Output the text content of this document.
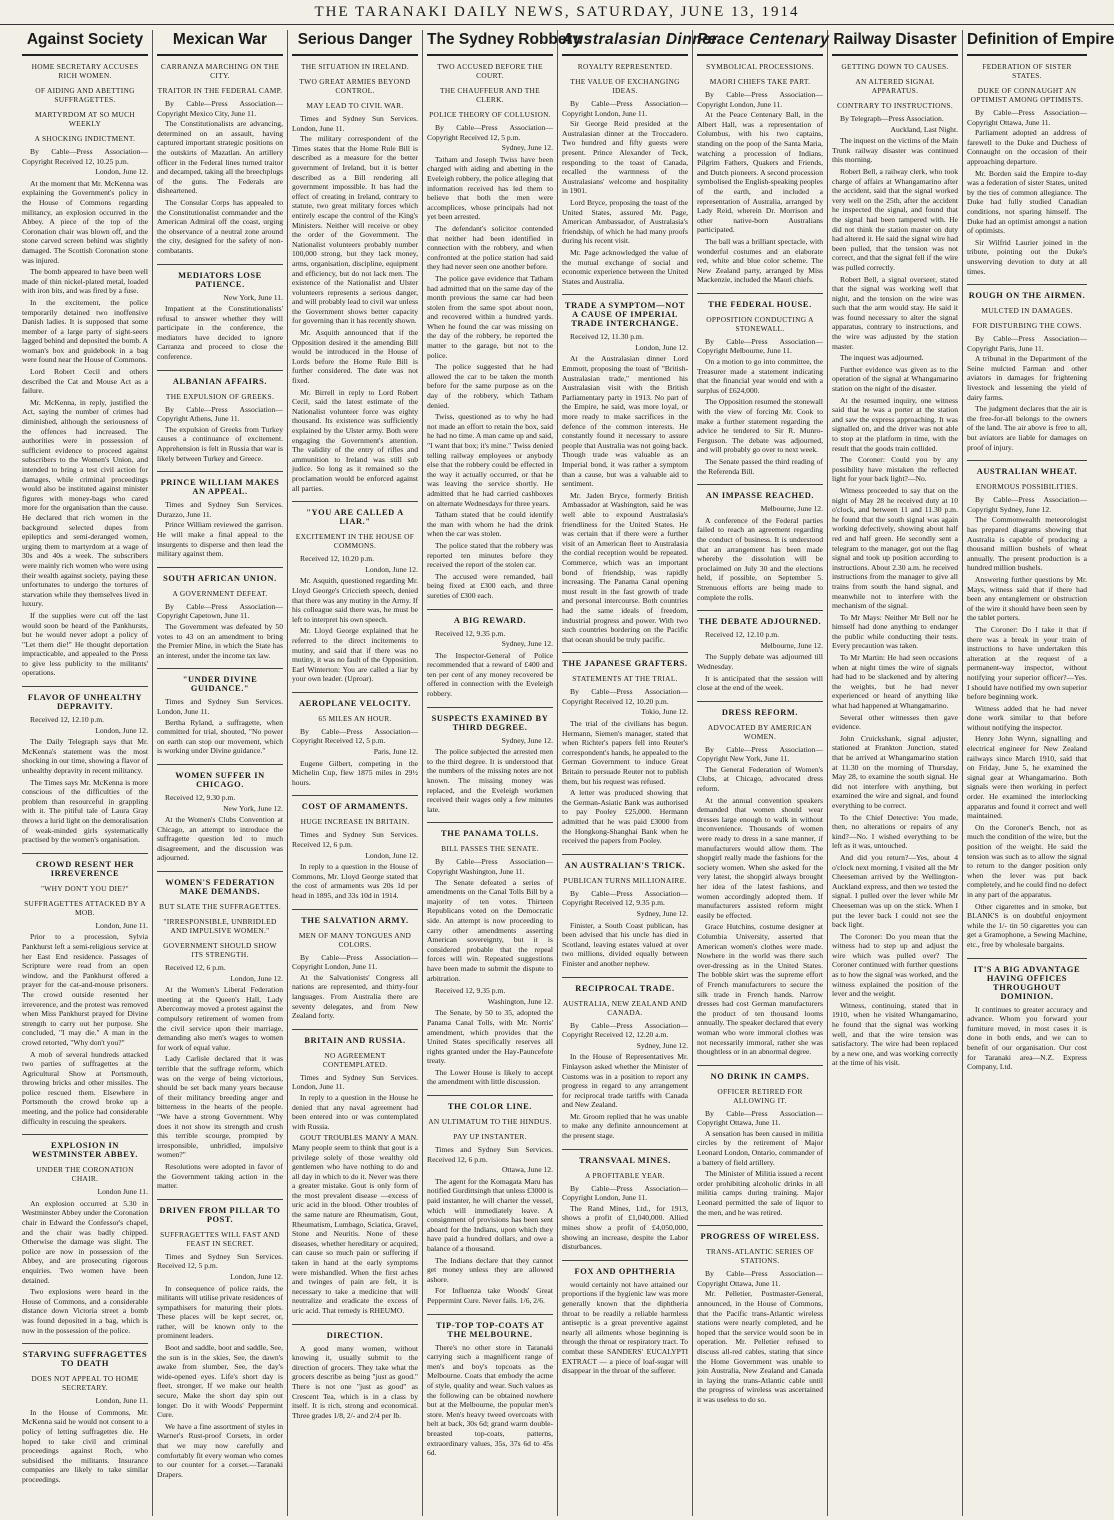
THE TARANAKI DAILY NEWS, SATURDAY, JUNE 13, 1914
Against Society
HOME SECRETARY ACCUSES RICH WOMEN.
OF AIDING AND ABETTING SUFFRAGETTES.
MARTYRDOM AT SO MUCH WEEKLY
A SHOCKING INDICTMENT.
By Cable—Press Association—Copyright Received 12, 10.25 p.m.
London, June 12.
At the moment that Mr. McKenna was explaining the Government's policy in the House of Commons regarding militancy, an explosion occurred in the Abbey. A piece of the top of the Coronation chair was blown off, and the stone carved screen behind was slightly damaged. The Scottish Coronation stone was injured.
The bomb appeared to have been well made of thin nickel-plated metal, loaded with iron bits, and was fired by a fuse.
In the excitement, the police temporarily detained two inoffensive Danish ladies. It is supposed that some member of a large party of sight-seers lagged behind and deposited the bomb. A woman's box and guidebook in a bag were found near the House of Commons.
Lord Robert Cecil and others described the Cat and Mouse Act as a failure.
Mr. McKenna, in reply, justified the Act, saying the number of crimes had diminished, although the seriousness of the offences had increased. The authorities were in possession of sufficient evidence to proceed against subscribers to the Women's Union, and intended to bring a test civil action for damages, while criminal proceedings would also be instituted against minister figures with money-bags who cared more for the organisation than the cause. He declared that rich women in the background selected dupes from epileptics and semi-deranged women, urging them to martyrdom at a wage of 30s and 40s a week. The subscribers were mainly rich women who were using their wealth against society, paying these unfortunates to undergo the tortures of starvation while they themselves lived in luxury.
If the supplies were cut off the last would soon be heard of the Pankhursts, but he would never adopt a policy of "Let them die!" He thought deportation impracticable, and appealed to the Press to give less publicity to the militants' operations.
FLAVOR OF UNHEALTHY DEPRAVITY.
Received 12, 12.10 p.m.
London, June 12.
The Daily Telegraph says that Mr. McKenna's statement was the most shocking in our time, showing a flavor of unhealthy depravity in recent militancy.
The Times says Mr. McKenna is more conscious of the difficulties of the problem than resourceful in grappling with it. The pitiful tale of Laura Gray throws a lurid light on the demoralisation of weak-minded girls systematically practised by the women's organisation.
CROWD RESENT HER IRREVERENCE
"WHY DON'T YOU DIE?"
SUFFRAGETTES ATTACKED BY A MOB.
London, June 11.
Prior to a procession, Sylvia Pankhurst left a semi-religious service at her East End residence. Passages of Scripture were read from an open window, and the Pankhurst offered a prayer for the cat-and-mouse prisoners. The crowd outside resented her irreverence, and the protest was removed when Miss Pankhurst prayed for Divine strength to carry out her purpose. She concluded, "I may die." A man in the crowd retorted, "Why don't you?"
A mob of several hundreds attacked two parties of suffragettes at the Agricultural Show at Portsmouth, throwing bricks and other missiles. The police rescued them. Elsewhere in Portsmouth the crowd broke up a meeting, and the police had considerable difficulty in rescuing the speakers.
EXPLOSION IN WESTMINSTER ABBEY.
UNDER THE CORONATION CHAIR.
London June 11.
An explosion occurred at 5.30 in Westminster Abbey under the Coronation chair in Edward the Confessor's chapel, and the chair was badly chipped. Otherwise the damage was slight. The police are now in possession of the Abbey, and are prosecuting rigorous enquiries. Two women have been detained.
Two explosions were heard in the House of Commons, and a considerable distance down Victoria street a bomb was found deposited in a bag, which is now in the possession of the police.
STARVING SUFFRAGETTES TO DEATH
DOES NOT APPEAL TO HOME SECRETARY.
London, June 11.
In the House of Commons, Mr. McKenna said he would not consent to a policy of letting suffragettes die. He hoped to take civil and criminal proceedings against Roch, who subsidised the militants. Insurance companies are likely to take similar proceedings.
Mexican War
CARRANZA MARCHING ON THE CITY.
TRAITOR IN THE FEDERAL CAMP.
By Cable—Press Association—Copyright Mexico City, June 11.
The Constitutionalists are advancing, determined on an assault, having captured important strategic positions on the outskirts of Mazatlan. An artillery officer in the Federal lines turned traitor and decamped, taking all the breechplugs of the guns. The Federals are disheartened.
The Consular Corps has appealed to the Constitutionalist commander and the American Admiral off the coast, urging the observance of a neutral zone around the city, designed for the safety of non-combatants.
MEDIATORS LOSE PATIENCE.
New York, June 11.
Impatient at the Constitutionalists' refusal to answer whether they will participate in the conference, the mediators have decided to ignore Carranza and proceed to close the conference.
ALBANIAN AFFAIRS.
THE EXPULSION OF GREEKS.
By Cable—Press Association—Copyright Athens, June 11.
The expulsion of Greeks from Turkey causes a continuance of excitement. Apprehension is felt in Russia that war is likely between Turkey and Greece.
PRINCE WILLIAM MAKES AN APPEAL.
Times and Sydney Sun Services. Durazzo, June 11.
Prince William reviewed the garrison. He will make a final appeal to the insurgents to disperse and then lead the military against them.
SOUTH AFRICAN UNION.
A GOVERNMENT DEFEAT.
By Cable—Press Association—Copyright Capetown, June 11.
The Government was defeated by 50 votes to 43 on an amendment to bring the Premier Mine, in which the State has an interest, under the income tax law.
"UNDER DIVINE GUIDANCE."
Times and Sydney Sun Services. London, June 11.
Bertha Ryland, a suffragette, when committed for trial, shouted, "No power on earth can stop our movement, which is working under Divine guidance."
WOMEN SUFFER IN CHICAGO.
Received 12, 9.30 p.m.
New York, June 12.
At the Women's Clubs Convention at Chicago, an attempt to introduce the suffragette question led to much disagreement, and the discussion was adjourned.
WOMEN'S FEDERATION MAKE DEMANDS.
BUT SLATE THE SUFFRAGETTES.
"IRRESPONSIBLE, UNBRIDLED AND IMPULSIVE WOMEN."
GOVERNMENT SHOULD SHOW ITS STRENGTH.
Received 12, 6 p.m.
London, June 12.
At the Women's Liberal Federation meeting at the Queen's Hall, Lady Aberconway moved a protest against the compulsory retirement of women from the civil service upon their marriage, demanding also men's wages to women for work of equal value.
Lady Carlisle declared that it was terrible that the suffrage reform, which was on the verge of being victorious, should be set back many years because of their militancy breeding anger and bitterness in the hearts of the people. "We have a strong Government. Why does it not show its strength and crush this terrible scourge, prompted by irresponsible, unbridled, impulsive women?"
Resolutions were adopted in favor of the Government taking action in the matter.
DRIVEN FROM PILLAR TO POST.
SUFFRAGETTES WILL FAST AND FEAST IN SECRET.
Times and Sydney Sun Services. Received 12, 5 p.m.
London, June 12.
In consequence of police raids, the militants will utilise private residences of sympathisers for maturing their plots. These places will be kept secret, or, rather, will be known only to the prominent leaders.
Boot and saddle, boot and saddle, See, the sun is in the skies, See, the dawn's awake from slumber, See, the day's wide-opened eyes. Life's short day is fleet, stronger, If we make our health secure, Make the short day spin out longer. Do it with Woods' Peppermint Cure.
We have a fine assortment of styles in Warner's Rust-proof Corsets, in order that we may now carefully and comfortably fit every woman who comes to our counter for a corset.—Taranaki Drapers.
Serious Danger
THE SITUATION IN IRELAND.
TWO GREAT ARMIES BEYOND CONTROL.
MAY LEAD TO CIVIL WAR.
Times and Sydney Sun Services. London, June 11.
The military correspondent of the Times states that the Home Rule Bill is described as a measure for the better government of Ireland, but it is better described as a Bill rendering all government impossible. It has had the effect of creating in Ireland, contrary to statute, two great military forces which entirely escape the control of the King's Ministers. Neither will receive or obey the order of the Government. The Nationalist volunteers probably number 100,000 strong, but they lack money, arms, organisation, discipline, equipment and efficiency, but do not lack men. The existence of the Nationalist and Ulster volunteers represents a serious danger, and will probably lead to civil war unless the Government shows better capacity for governing than it has recently shown.
Mr. Asquith announced that if the Opposition desired it the amending Bill would be introduced in the House of Lords before the Home Rule Bill is further considered. The date was not fixed.
Mr. Birrell in reply to Lord Robert Cecil, said the latest estimate of the Nationalist volunteer force was eighty thousand. Its existence was sufficiently explained by the Ulster army. Both were engaging the Government's attention. The validity of the entry of rifles and ammunition to Ireland was still sub judice. So long as it remained so the proclamation would be enforced against all parties.
"YOU ARE CALLED A LIAR."
EXCITEMENT IN THE HOUSE OF COMMONS.
Received 12, 10.20 p.m.
London, June 12.
Mr. Asquith, questioned regarding Mr. Lloyd George's Criccieth speech, denied that there was any mutiny in the Army. If his colleague said there was, he must be left to interpret his own speech.
Mr. Lloyd George explained that he referred to the direct incitements to mutiny, and said that if there was no mutiny, it was no fault of the Opposition. Earl Winterton: You are called a liar by your own leader. (Uproar).
AEROPLANE VELOCITY.
65 MILES AN HOUR.
By Cable—Press Association—Copyright Received 12, 5 p.m.
Paris, June 12.
Eugene Gilbert, competing in the Michelin Cup, flew 1875 miles in 29½ hours.
COST OF ARMAMENTS.
HUGE INCREASE IN BRITAIN.
Times and Sydney Sun Services. Received 12, 6 p.m.
London, June 12.
In reply to a question in the House of Commons, Mr. Lloyd George stated that the cost of armaments was 20s 1d per head in 1895, and 33s 10d in 1914.
THE SALVATION ARMY.
MEN OF MANY TONGUES AND COLORS.
By Cable—Press Association—Copyright London, June 11.
At the Salvationists' Congress all nations are represented, and thirty-four languages. From Australia there are seventy delegates, and from New Zealand forty.
BRITAIN AND RUSSIA.
NO AGREEMENT CONTEMPLATED.
Times and Sydney Sun Services. London, June 11.
In reply to a question in the House he denied that any naval agreement had been entered into or was contemplated with Russia.
GOUT TROUBLES MANY A MAN. Many people seem to think that gout is a privilege solely of those wealthy old gentlemen who have nothing to do and all day in which to do it. Never was there a greater mistake. Gout is only form of the most prevalent disease —excess of uric acid in the blood. Other troubles of the same nature are Rheumatism, Gout, Rheumatism, Lumbago, Sciatica, Gravel, Stone and Neuritis. None of these diseases, whether hereditary or acquired, can cause so much pain or suffering if taken in hand at the early symptoms were mishandled. When the first aches and twinges of pain are felt, it is necessary to take a medicine that will neutralize and eradicate the excess of uric acid. That remedy is RHEUMO.
DIRECTION.
A good many women, without knowing it, usually submit to the direction of grocers. They take what the grocers describe as being "just as good." There is not one "just as good" as Crescent Tea, which is in a class by itself. It is rich, strong and economical. Three grades 1/8, 2/- and 2/4 per lb.
The Sydney Robbery
TWO ACCUSED BEFORE THE COURT.
THE CHAUFFEUR AND THE CLERK.
POLICE THEORY OF COLLUSION.
By Cable—Press Association—Copyright Received 12, 5 p.m.
Sydney, June 12.
Tatham and Joseph Twiss have been charged with aiding and abetting in the Eveleigh robbery, the police alleging that information received has led them to believe that both the men were accomplices, whose principals had not yet been arrested.
The defendant's solicitor contended that neither had been identified in connection with the robbery, and when confronted at the police station had said they had never seen one another before.
The police gave evidence that Tatham had admitted that on the same day of the month previous the same car had been stolen from the same spot about noon, and recovered within a hundred yards. When he found the car was missing on the day of the robbery, he reported the matter to the garage, but not to the police.
The police suggested that he had allowed the car to be taken the month before for the same purpose as on the day of the robbery, which Tatham denied.
Twiss, questioned as to why he had not made an effort to retain the box, said he had no time. A man came up and said, "I want that box; it's mine." Twiss denied telling railway employees or anybody else that the robbery could be effected in the way it actually occurred, or that he was leaving the service shortly. He admitted that he had carried cashboxes on alternate Wednesdays for three years.
Tatham stated that he could identify the man with whom he had the drink when the car was stolen.
The police stated that the robbery was reported ten minutes before they received the report of the stolen car.
The accused were remanded, bail being fixed at £300 each, and three sureties of £300 each.
A BIG REWARD.
Received 12, 9.35 p.m.
Sydney, June 12.
The Inspector-General of Police recommended that a reward of £400 and ten per cent of any money recovered be offered in connection with the Eveleigh robbery.
SUSPECTS EXAMINED BY THIRD DEGREE.
Sydney, June 12.
The police subjected the arrested men to the third degree. It is understood that the numbers of the missing notes are not known. The missing money was replaced, and the Eveleigh workmen received their wages only a few minutes late.
THE PANAMA TOLLS.
BILL PASSES THE SENATE.
By Cable—Press Association—Copyright Washington, June 11.
The Senate defeated a series of amendments on the Canal Tolls Bill by a majority of ten votes. Thirteen Republicans voted on the Democratic side. An attempt is now proceeding to carry other amendments asserting American sovereignty, but it is considered probable that the repeal forces will win. Repeated suggestions have been made to submit the dispute to arbitration.
Received 12, 9.35 p.m.
Washington, June 12.
The Senate, by 50 to 35, adopted the Panama Canal Tolls, with Mr. Norris' amendment, which provides that the United States specifically reserves all rights granted under the Hay-Pauncefote treaty.
The Lower House is likely to accept the amendment with little discussion.
THE COLOR LINE.
AN ULTIMATUM TO THE HINDUS.
PAY UP INSTANTER.
Times and Sydney Sun Services. Received 12, 6 p.m.
Ottawa, June 12.
The agent for the Komagata Maru has notified Gurdittsingh that unless £3000 is paid instanter, he will charter the vessel, which will immediately leave. A consignment of provisions has been sent aboard for the Indians, upon which they have paid a hundred dollars, and owe a balance of a thousand.
The Indians declare that they cannot get money unless they are allowed ashore.
For Influenza take Woods' Great Peppermint Cure. Never fails. 1/6, 2/6.
TIP-TOP TOP-COATS AT THE MELBOURNE.
There's no other store in Taranaki carrying such a magnificent range of men's and boy's topcoats as the Melbourne. Coats that embody the acme of style, quality and wear. Such values as the following can be obtained nowhere but at the Melbourne, the popular men's store. Men's heavy tweed overcoats with belt at back, 30s 6d; grand warm double-breasted top-coats, patterns, extraordinary values, 35s, 37s 6d to 45s 6d.
Australasian Dinner
ROYALTY REPRESENTED.
THE VALUE OF EXCHANGING IDEAS.
By Cable—Press Association—Copyright London, June 11.
Sir George Reid presided at the Australasian dinner at the Troccadero. Two hundred and fifty guests were present. Prince Alexander of Teck, responding to the toast of Canada, recalled the warmness of the Australasians' welcome and hospitality in 1901.
Lord Bryce, proposing the toast of the United States, assured Mr. Page, American Ambassador, of Australasia's friendship, of which he had many proofs during his recent visit.
Mr. Page acknowledged the value of the mutual exchange of social and economic experience between the United States and Australia.
TRADE A SYMPTOM—NOT A CAUSE OF IMPERIAL TRADE INTERCHANGE.
Received 12, 11.30 p.m.
London, June 12.
At the Australasian dinner Lord Emmott, proposing the toast of "British-Australasian trade," mentioned his Australasian visit with the British Parliamentary party in 1913. No part of the Empire, he said, was more loyal, or more ready to make sacrifices in the defence of the common interests. He constantly found it necessary to assure people that Australia was not going back. Though trade was valuable as an Imperial bond, it was rather a symptom than a cause, but was a valuable aid to sentiment.
Mr. Jaden Bryce, formerly British Ambassador at Washington, said he was well able to expound Australasia's friendliness for the United States. He was certain that if there were a further visit of an American fleet to Australasia the cordial reception would be repeated. Commerce, which was an important bond of friendship, was rapidly increasing. The Panama Canal opening must result in the fast growth of trade and personal intercourse. Both countries had the same ideals of freedom, industrial progress and power. With two such countries bordering on the Pacific that ocean should be truly pacific.
THE JAPANESE GRAFTERS.
STATEMENTS AT THE TRIAL.
By Cable—Press Association—Copyright Received 12, 10.20 p.m.
Tokio, June 12.
The trial of the civilians has begun. Hermann, Siemen's manager, stated that when Richter's papers fell into Reuter's correspondent's hands, he appealed to the German Government to induce Great Britain to persuade Reuter not to publish them, but his request was refused.
A letter was produced showing that the German-Asiatic Bank was authorised to pay Pooley £25,000. Hermann admitted that he was paid £3000 from the Hongkong-Shanghai Bank when he received the papers from Pooley.
AN AUSTRALIAN'S TRICK.
PUBLICAN TURNS MILLIONAIRE.
By Cable—Press Association—Copyright Received 12, 9.35 p.m.
Sydney, June 12.
Finister, a South Coast publican, has been advised that his uncle has died in Scotland, leaving estates valued at over two millions, divided equally between Finister and another nephew.
RECIPROCAL TRADE.
AUSTRALIA, NEW ZEALAND AND CANADA.
By Cable—Press Association—Copyright Received 12, 12.20 a.m.
Sydney, June 12.
In the House of Representatives Mr. Finlayson asked whether the Minister of Customs was in a position to report any progress in regard to any arrangement for reciprocal trade tariffs with Canada and New Zealand.
Mr. Groom replied that he was unable to make any definite announcement at the present stage.
TRANSVAAL MINES.
A PROFITABLE YEAR.
By Cable—Press Association—Copyright London, June 11.
The Rand Mines, Ltd., for 1913, shows a profit of £1,040,000. Allied mines show a profit of £4,050,000, showing an increase, despite the Labor disturbances.
FOX AND OPHTHERIA
would certainly not have attained our proportions if the hygienic law was more generally known that the diphtheria throat to be readily a reliable harmless antiseptic is a great preventive against nearly all ailments whose beginning is through the throat or respiratory tract. To combat these SANDERS' EUCALYPTI EXTRACT — a piece of loaf-sugar will disappear in the throat of the sufferer.
Peace Centenary
SYMBOLICAL PROCESSIONS.
MAORI CHIEFS TAKE PART.
By Cable—Press Association—Copyright London, June 11.
At the Peace Centenary Ball, in the Albert Hall, was a representation of Columbus, with his two captains, standing on the poop of the Santa Maria, watching a procession of Indians, Pilgrim Fathers, Quakers and Friends, and Dutch pioneers. A second procession symbolised the English-speaking peoples of the earth, and included a representation of Australia, arranged by Lady Reid, wherein Dr. Morrison and other native-born Australians participated.
The ball was a brilliant spectacle, with wonderful costumes and an elaborate red, white and blue color scheme. The New Zealand party, arranged by Miss Mackenzie, included the Maori chiefs.
THE FEDERAL HOUSE.
OPPOSITION CONDUCTING A STONEWALL.
By Cable—Press Association—Copyright Melbourne, June 11.
On a motion to go into committee, the Treasurer made a statement indicating that the financial year would end with a surplus of £624,000.
The Opposition resumed the stonewall with the view of forcing Mr. Cook to make a further statement regarding the advice he tendered to Sir R. Munro-Ferguson. The debate was adjourned, and will probably go over to next week.
The Senate passed the third reading of the Referenda Bill.
AN IMPASSE REACHED.
Melbourne, June 12.
A conference of the Federal parties failed to reach an agreement regarding the conduct of business. It is understood that an arrangement has been made whereby the dissolution will be proclaimed on July 30 and the elections held, if possible, on September 5. Strenuous efforts are being made to complete the rolls.
THE DEBATE ADJOURNED.
Received 12, 12.10 p.m.
Melbourne, June 12.
The Supply debate was adjourned till Wednesday.
It is anticipated that the session will close at the end of the week.
DRESS REFORM.
ADVOCATED BY AMERICAN WOMEN.
By Cable—Press Association—Copyright New York, June 11.
The General Federation of Women's Clubs, at Chicago, advocated dress reform.
At the annual convention speakers demanded that women should wear dresses large enough to walk in without inconvenience. Thousands of women were ready to dress in a sane manner, if manufacturers would allow them. The shopgirl really made the fashions for the society women. When she asked for the very latest, the shopgirl always brought her idea of the latest fashions, and women accordingly adopted them. If manufacturers assisted reform might easily be effected.
Grace Hutchins, costume designer at Columbia University, asserted that American women's clothes were made. Nowhere in the world was there such over-dressing as in the United States. The bobble skirt was the supreme effort of French manufacturers to secure the silk trade in French hands. Narrow dresses had cost German manufacturers the product of ten thousand looms annually. The speaker declared that every woman who wore immoral clothes was not necessarily immoral, rather she was thoughtless or in an abnormal degree.
NO DRINK IN CAMPS.
OFFICER RETIRED FOR ALLOWING IT.
By Cable—Press Association—Copyright Ottawa, June 11.
A sensation has been caused in militia circles by the retirement of Major Leonard London, Ontario, commander of a battery of field artillery.
The Minister of Militia issued a recent order prohibiting alcoholic drinks in all militia camps during training. Major Leonard permitted the sale of liquor to the men, and he was retired.
PROGRESS OF WIRELESS.
TRANS-ATLANTIC SERIES OF STATIONS.
By Cable—Press Association—Copyright Ottawa, June 11.
Mr. Pelletier, Postmaster-General, announced, in the House of Commons, that the Pacific trans-Atlantic wireless stations were nearly completed, and he hoped that the service would soon be in operation. Mr. Pelletier refused to discuss all-red cables, stating that since the Home Government was unable to join Australia, New Zealand and Canada in laying the trans-Atlantic cable until the progress of wireless was ascertained it was useless to do so.
Railway Disaster
GETTING DOWN TO CAUSES.
AN ALTERED SIGNAL APPARATUS.
CONTRARY TO INSTRUCTIONS.
By Telegraph—Press Association.
Auckland, Last Night.
The inquest on the victims of the Main Trunk railway disaster was continued this morning.
Robert Bell, a railway clerk, who took charge of affairs at Whangamarino after the accident, said that the signal worked very well on the 25th, after the accident he inspected the signal, and found that the signal had been tampered with. He did not think the station master on duty had altered it. He said the signal wire had been pulled, that the tension was not correct, and that the signal fell if the wire was pulled correctly.
Robert Bell, a signal overseer, stated that the signal was working well that night, and the tension on the wire was such that the arm would stay. He said it was found necessary to alter the signal apparatus, contrary to instructions, and the wire was adjusted by the station master.
The inquest was adjourned.
Further evidence was given as to the operation of the signal at Whangamarino station on the night of the disaster.
At the resumed inquiry, one witness said that he was a porter at the station and saw the express approaching. It was signalled on, and the driver was not able to stop at the platform in time, with the result that the goods train collided.
The Coroner: Could you by any possibility have mistaken the reflected light for your back light?—No.
Witness proceeded to say that on the night of May 28 he received duty at 10 o'clock, and between 11 and 11.30 p.m. he found that the south signal was again working defectively, showing about half red and half green. He secondly sent a telegram to the manager, got out the flag signal and took up position according to instructions. About 2.30 a.m. he received instructions from the manager to give all trains from south the hand signal, and meanwhile not to interfere with the mechanism of the signal.
To Mr Mays: Neither Mr Bell nor he himself had done anything to endanger the public while conducting their tests. Every precaution was taken.
To Mr Martin: He had seen occasions when at night times the wire of signals had had to be slackened and by altering the weights, but he had never experienced or heard of anything like what had happened at Whangamarino.
Several other witnesses then gave evidence.
John Cruickshank, signal adjuster, stationed at Frankton Junction, stated that he arrived at Whangamarino station at 11.30 on the morning of Thursday, May 28, to examine the south signal. He did not interfere with anything, but examined the wire and signal, and found everything to be correct.
To the Chief Detective: You made, then, no alterations or repairs of any kind?—No. I wished everything to be left as it was, untouched.
And did you return?—Yes, about 4 o'clock next morning. I visited all the Mr Cheeseman arrived by the Wellington-Auckland express, and then we tested the signal. I pulled over the lever while Mr Cheeseman was up on the stick. When I put the lever back I could not see the back light.
The Coroner: Do you mean that the witness had to step up and adjust the wire which was pulled over? The Coroner continued with further questions as to how the signal was worked, and the witness explained the position of the lever and the weight.
Witness, continuing, stated that in 1910, when he visited Whangamarino, he found that the signal was working well, and that the wire tension was satisfactory. The wire had been replaced by a new one, and was working correctly at the time of his visit.
Definition of Empire
FEDERATION OF SISTER STATES.
DUKE OF CONNAUGHT AN OPTIMIST AMONG OPTIMISTS.
By Cable—Press Association—Copyright Ottawa, June 11.
Parliament adopted an address of farewell to the Duke and Duchess of Connaught on the occasion of their approaching departure.
Mr. Borden said the Empire to-day was a federation of sister States, united by the ties of common allegiance. The Duke had fully studied Canadian conditions, not sparing himself. The Duke had an optimist amongst a nation of optimists.
Sir Wilfrid Laurier joined in the tribute, pointing out the Duke's unswerving devotion to duty at all times.
ROUGH ON THE AIRMEN.
MULCTED IN DAMAGES.
FOR DISTURBING THE COWS.
By Cable—Press Association—Copyright Paris, June 11.
A tribunal in the Department of the Seine mulcted Farman and other aviators in damages for frightening livestock and lessening the yield of dairy farms.
The judgment declares that the air is the free-for-all belongs to the owners of the land. The air above is free to all, but aviators are liable for damages on proof of injury.
AUSTRALIAN WHEAT.
ENORMOUS POSSIBILITIES.
By Cable—Press Association—Copyright Sydney, June 12.
The Commonwealth meteorologist has prepared diagrams showing that Australia is capable of producing a thousand million bushels of wheat annually. The present production is a hundred million bushels.
Answering further questions by Mr. Mays, witness said that if there had been any entanglement or obstruction of the wire it should have been seen by the tablet porters.
The Coroner: Do I take it that if there was a break in your train of instructions to have undertaken this alteration at the request of a permanent-way inspector, without notifying your superior officer?—Yes. I should have notified my own superior before beginning work.
Witness added that he had never done work similar to that before without notifying the inspector.
Henry John Wynn, signalling and electrical engineer for New Zealand railways since March 1910, said that on Friday, June 5, he examined the signal gear at Whangamarino. Both signals were then working in perfect order. He examined the interlocking apparatus and found it correct and well maintained.
On the Coroner's Bench, not as much the condition of the wire, but the position of the weight. He said the tension was such as to allow the signal to return to the danger position only when the lever was put back completely, and he could find no defect in any part of the apparatus.
Other cigarettes and in smoke, but BLANK'S is on doubtful enjoyment while the 1/- tin 50 cigarettes you can get a Gramophone, a Sewing Machine, etc., free by wholesale bargains.
IT'S A BIG ADVANTAGE HAVING OFFICES THROUGHOUT DOMINION.
It continues to greater accuracy and advance. Whom you forward your furniture moved, in most cases it is done in both ends, and we can to benefit of our organisation. Our cost for Taranaki area—N.Z. Express Company, Ltd.
